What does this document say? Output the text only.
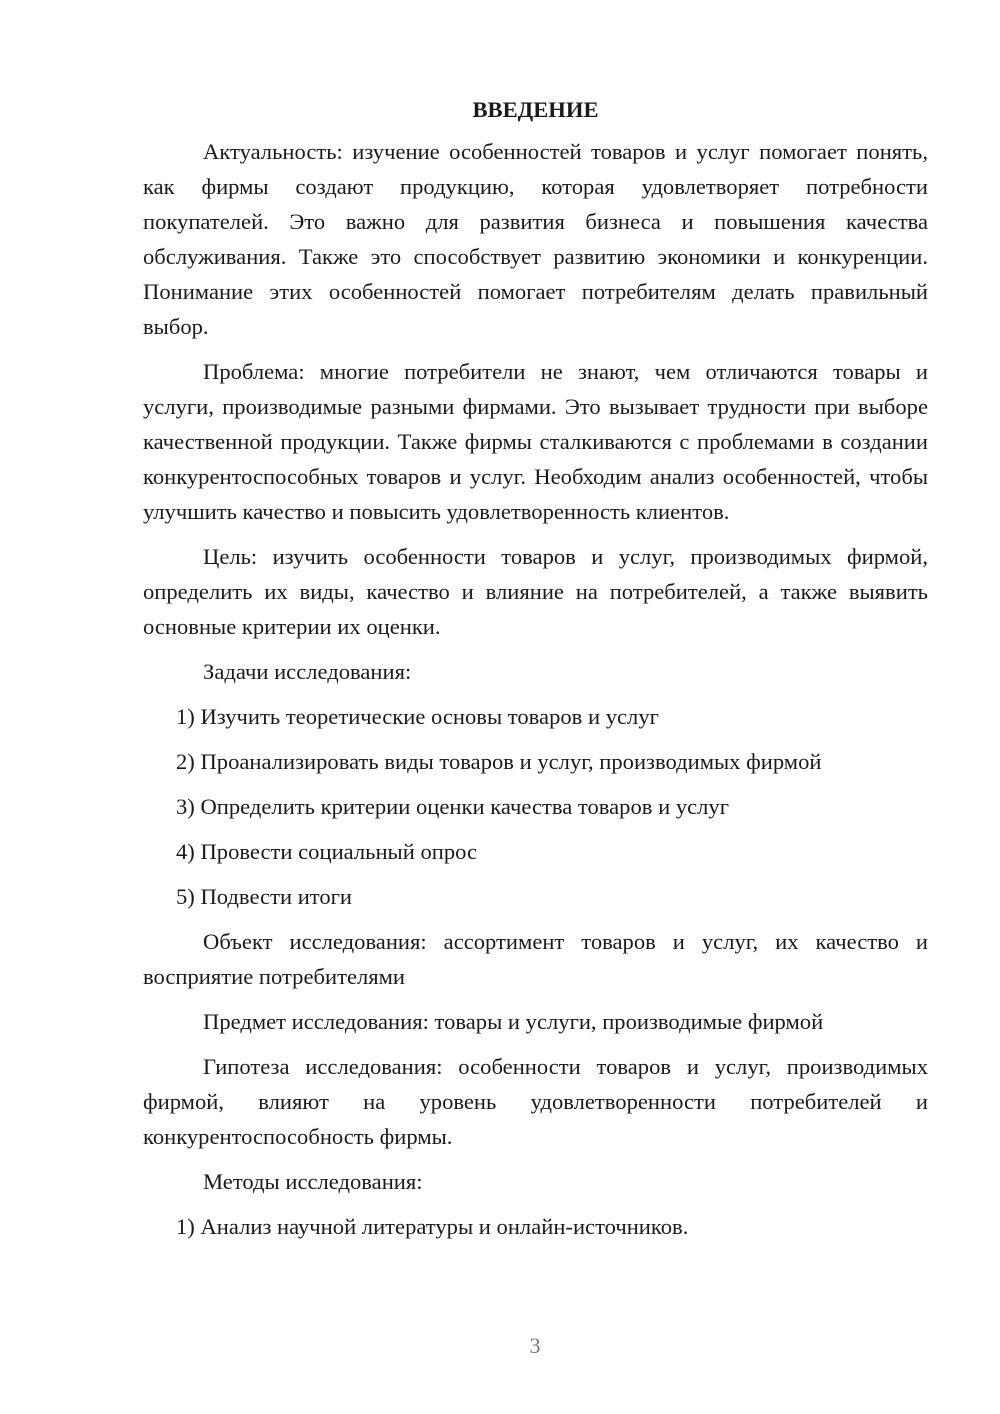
ВВЕДЕНИЕ

Актуальность: изучение особенностей товаров и услуг помогает понять, как фирмы создают продукцию, которая удовлетворяет потребности покупателей. Это важно для развития бизнеса и повышения качества обслуживания. Также это способствует развитию экономики и конкуренции. Понимание этих особенностей помогает потребителям делать правильный выбор.

Проблема: многие потребители не знают, чем отличаются товары и услуги, производимые разными фирмами. Это вызывает трудности при выборе качественной продукции. Также фирмы сталкиваются с проблемами в создании конкурентоспособных товаров и услуг. Необходим анализ особенностей, чтобы улучшить качество и повысить удовлетворенность клиентов.

Цель: изучить особенности товаров и услуг, производимых фирмой, определить их виды, качество и влияние на потребителей, а также выявить основные критерии их оценки.

Задачи исследования:

1) Изучить теоретические основы товаров и услуг

2) Проанализировать виды товаров и услуг, производимых фирмой

3) Определить критерии оценки качества товаров и услуг

4) Провести социальный опрос

5) Подвести итоги

Объект исследования: ассортимент товаров и услуг, их качество и восприятие потребителями

Предмет исследования: товары и услуги, производимые фирмой

Гипотеза исследования: особенности товаров и услуг, производимых фирмой, влияют на уровень удовлетворенности потребителей и конкурентоспособность фирмы.

Методы исследования:

1) Анализ научной литературы и онлайн-источников.

3
